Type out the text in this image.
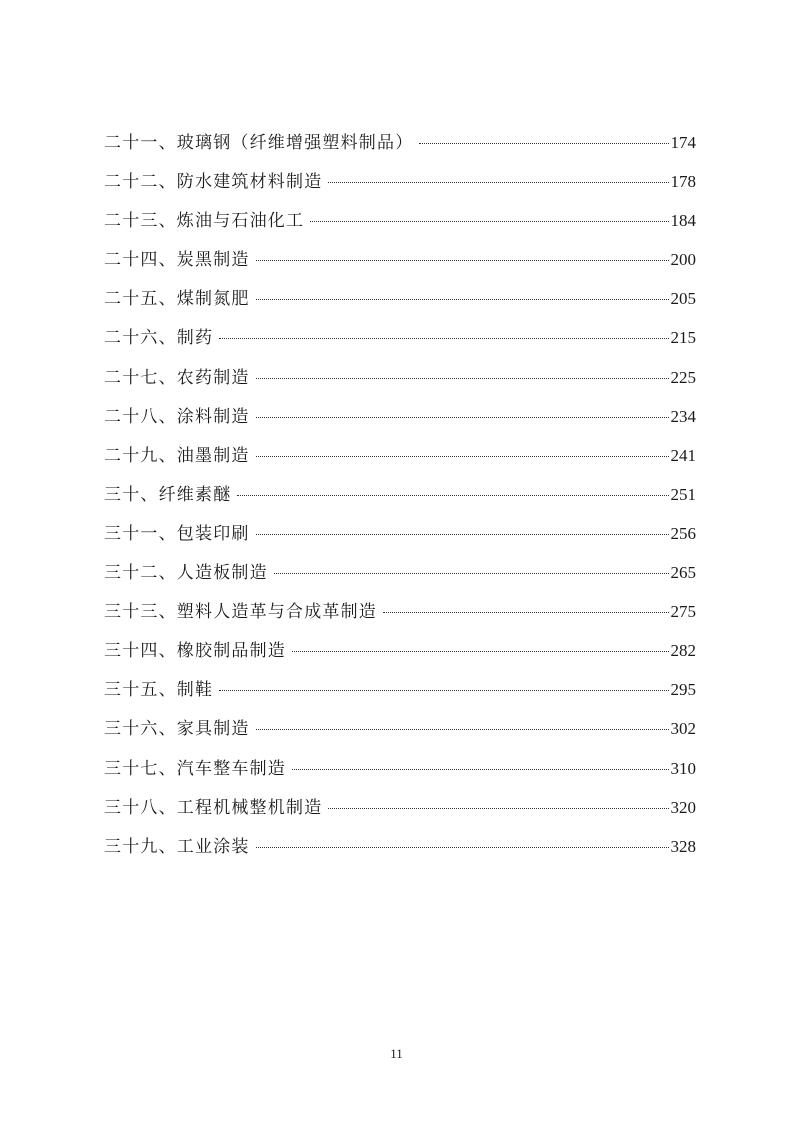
二十一、玻璃钢（纤维增强塑料制品）	174
二十二、防水建筑材料制造	178
二十三、炼油与石油化工	184
二十四、炭黑制造	200
二十五、煤制氮肥	205
二十六、制药	215
二十七、农药制造	225
二十八、涂料制造	234
二十九、油墨制造	241
三十、纤维素醚	251
三十一、包装印刷	256
三十二、人造板制造	265
三十三、塑料人造革与合成革制造	275
三十四、橡胶制品制造	282
三十五、制鞋	295
三十六、家具制造	302
三十七、汽车整车制造	310
三十八、工程机械整机制造	320
三十九、工业涂装	328
11
